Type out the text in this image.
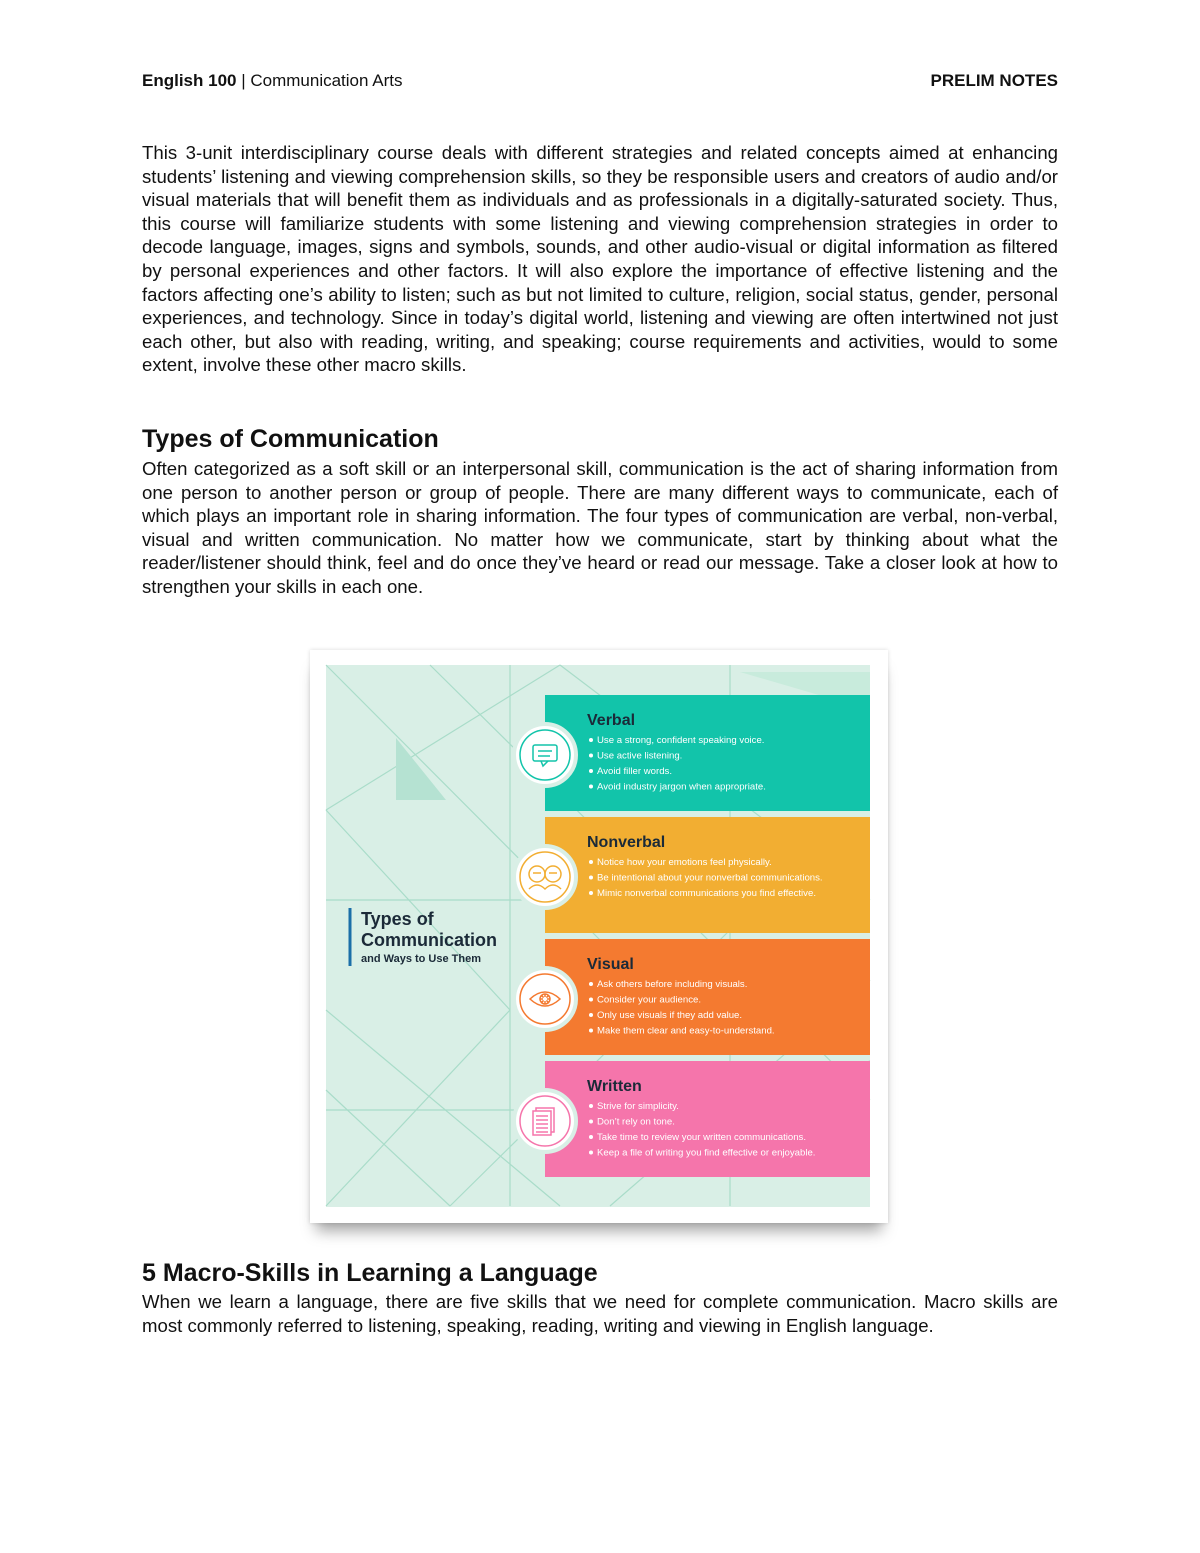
English 100 | Communication Arts	PRELIM NOTES

This 3-unit interdisciplinary course deals with different strategies and related concepts aimed at enhancing students’ listening and viewing comprehension skills, so they be responsible users and creators of audio and/or visual materials that will benefit them as individuals and as professionals in a digitally-saturated society. Thus, this course will familiarize students with some listening and viewing comprehension strategies in order to decode language, images, signs and symbols, sounds, and other audio-visual or digital information as filtered by personal experiences and other factors. It will also explore the importance of effective listening and the factors affecting one’s ability to listen; such as but not limited to culture, religion, social status, gender, personal experiences, and technology. Since in today’s digital world, listening and viewing are often intertwined not just each other, but also with reading, writing, and speaking; course requirements and activities, would to some extent, involve these other macro skills.

Types of Communication

Often categorized as a soft skill or an interpersonal skill, communication is the act of sharing information from one person to another person or group of people. There are many different ways to communicate, each of which plays an important role in sharing information. The four types of communication are verbal, non-verbal, visual and written communication. No matter how we communicate, start by thinking about what the reader/listener should think, feel and do once they’ve heard or read our message. Take a closer look at how to strengthen your skills in each one.

Types of
Communication
and Ways to Use Them
Verbal
Use a strong, confident speaking voice.
Use active listening.
Avoid filler words.
Avoid industry jargon when appropriate.
Nonverbal
Notice how your emotions feel physically.
Be intentional about your nonverbal communications.
Mimic nonverbal communications you find effective.
Visual
Ask others before including visuals.
Consider your audience.
Only use visuals if they add value.
Make them clear and easy-to-understand.
Written
Strive for simplicity.
Don’t rely on tone.
Take time to review your written communications.
Keep a file of writing you find effective or enjoyable.
5 Macro-Skills in Learning a Language

When we learn a language, there are five skills that we need for complete communication. Macro skills are most commonly referred to listening, speaking, reading, writing and viewing in English language.
